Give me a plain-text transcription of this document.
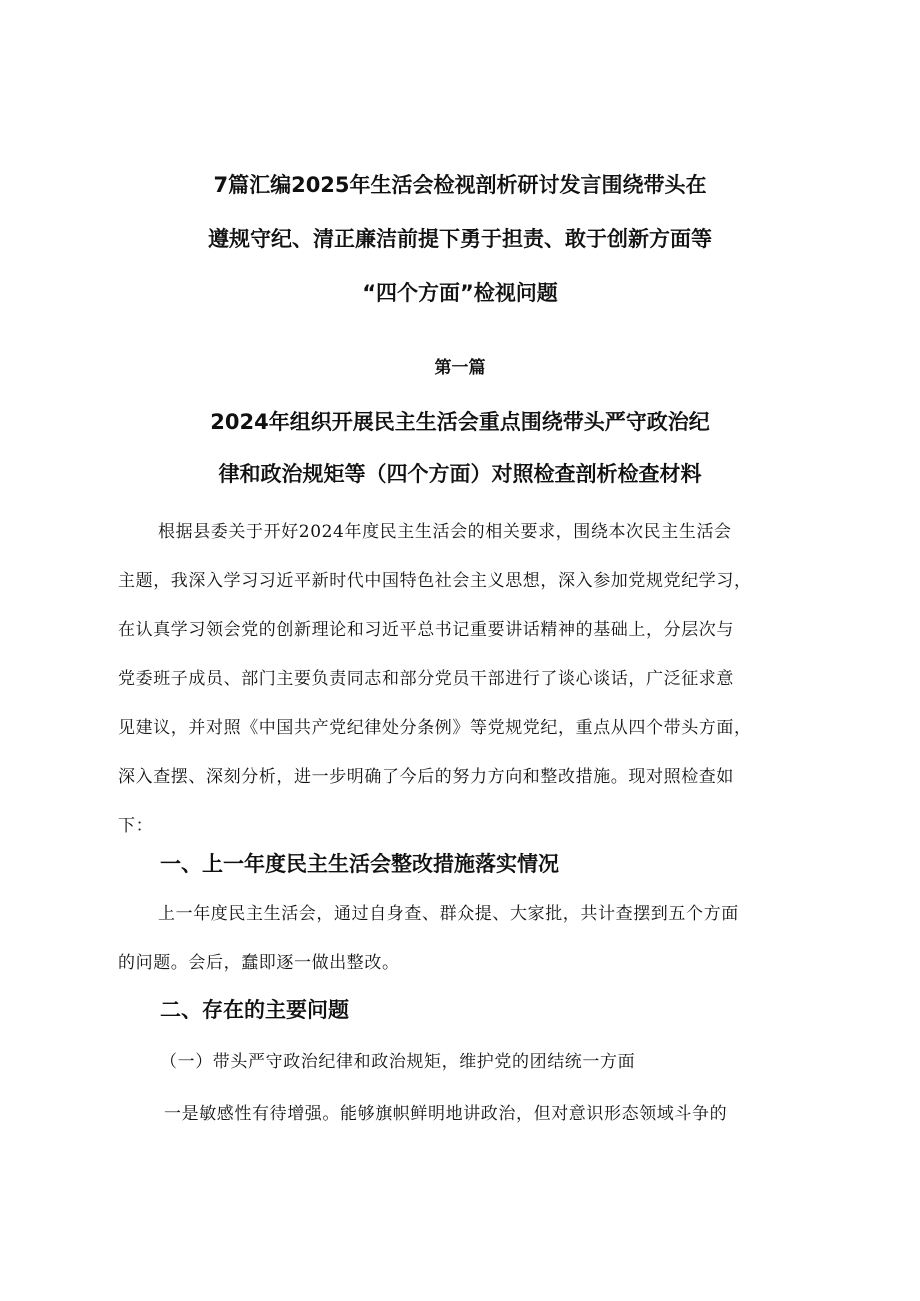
7篇汇编2025年生活会检视剖析研讨发言围绕带头在
遵规守纪、清正廉洁前提下勇于担责、敢于创新方面等
“四个方面”检视问题
第一篇
2024年组织开展民主生活会重点围绕带头严守政治纪
律和政治规矩等（四个方面）对照检查剖析检查材料
根据县委关于开好2024年度民主生活会的相关要求，围绕本次民主生活会
主题，我深入学习习近平新时代中国特色社会主义思想，深入参加党规党纪学习，
在认真学习领会党的创新理论和习近平总书记重要讲话精神的基础上，分层次与
党委班子成员、部门主要负责同志和部分党员干部进行了谈心谈话，广泛征求意
见建议，并对照《中国共产党纪律处分条例》等党规党纪，重点从四个带头方面，
深入查摆、深刻分析，进一步明确了今后的努力方向和整改措施。现对照检查如
下：
一、上一年度民主生活会整改措施落实情况
上一年度民主生活会，通过自身查、群众提、大家批，共计查摆到五个方面
的问题。会后，蠢即逐一做出整改。
二、存在的主要问题
（一）带头严守政治纪律和政治规矩，维护党的团结统一方面
一是敏感性有待增强。能够旗帜鲜明地讲政治，但对意识形态领域斗争的
